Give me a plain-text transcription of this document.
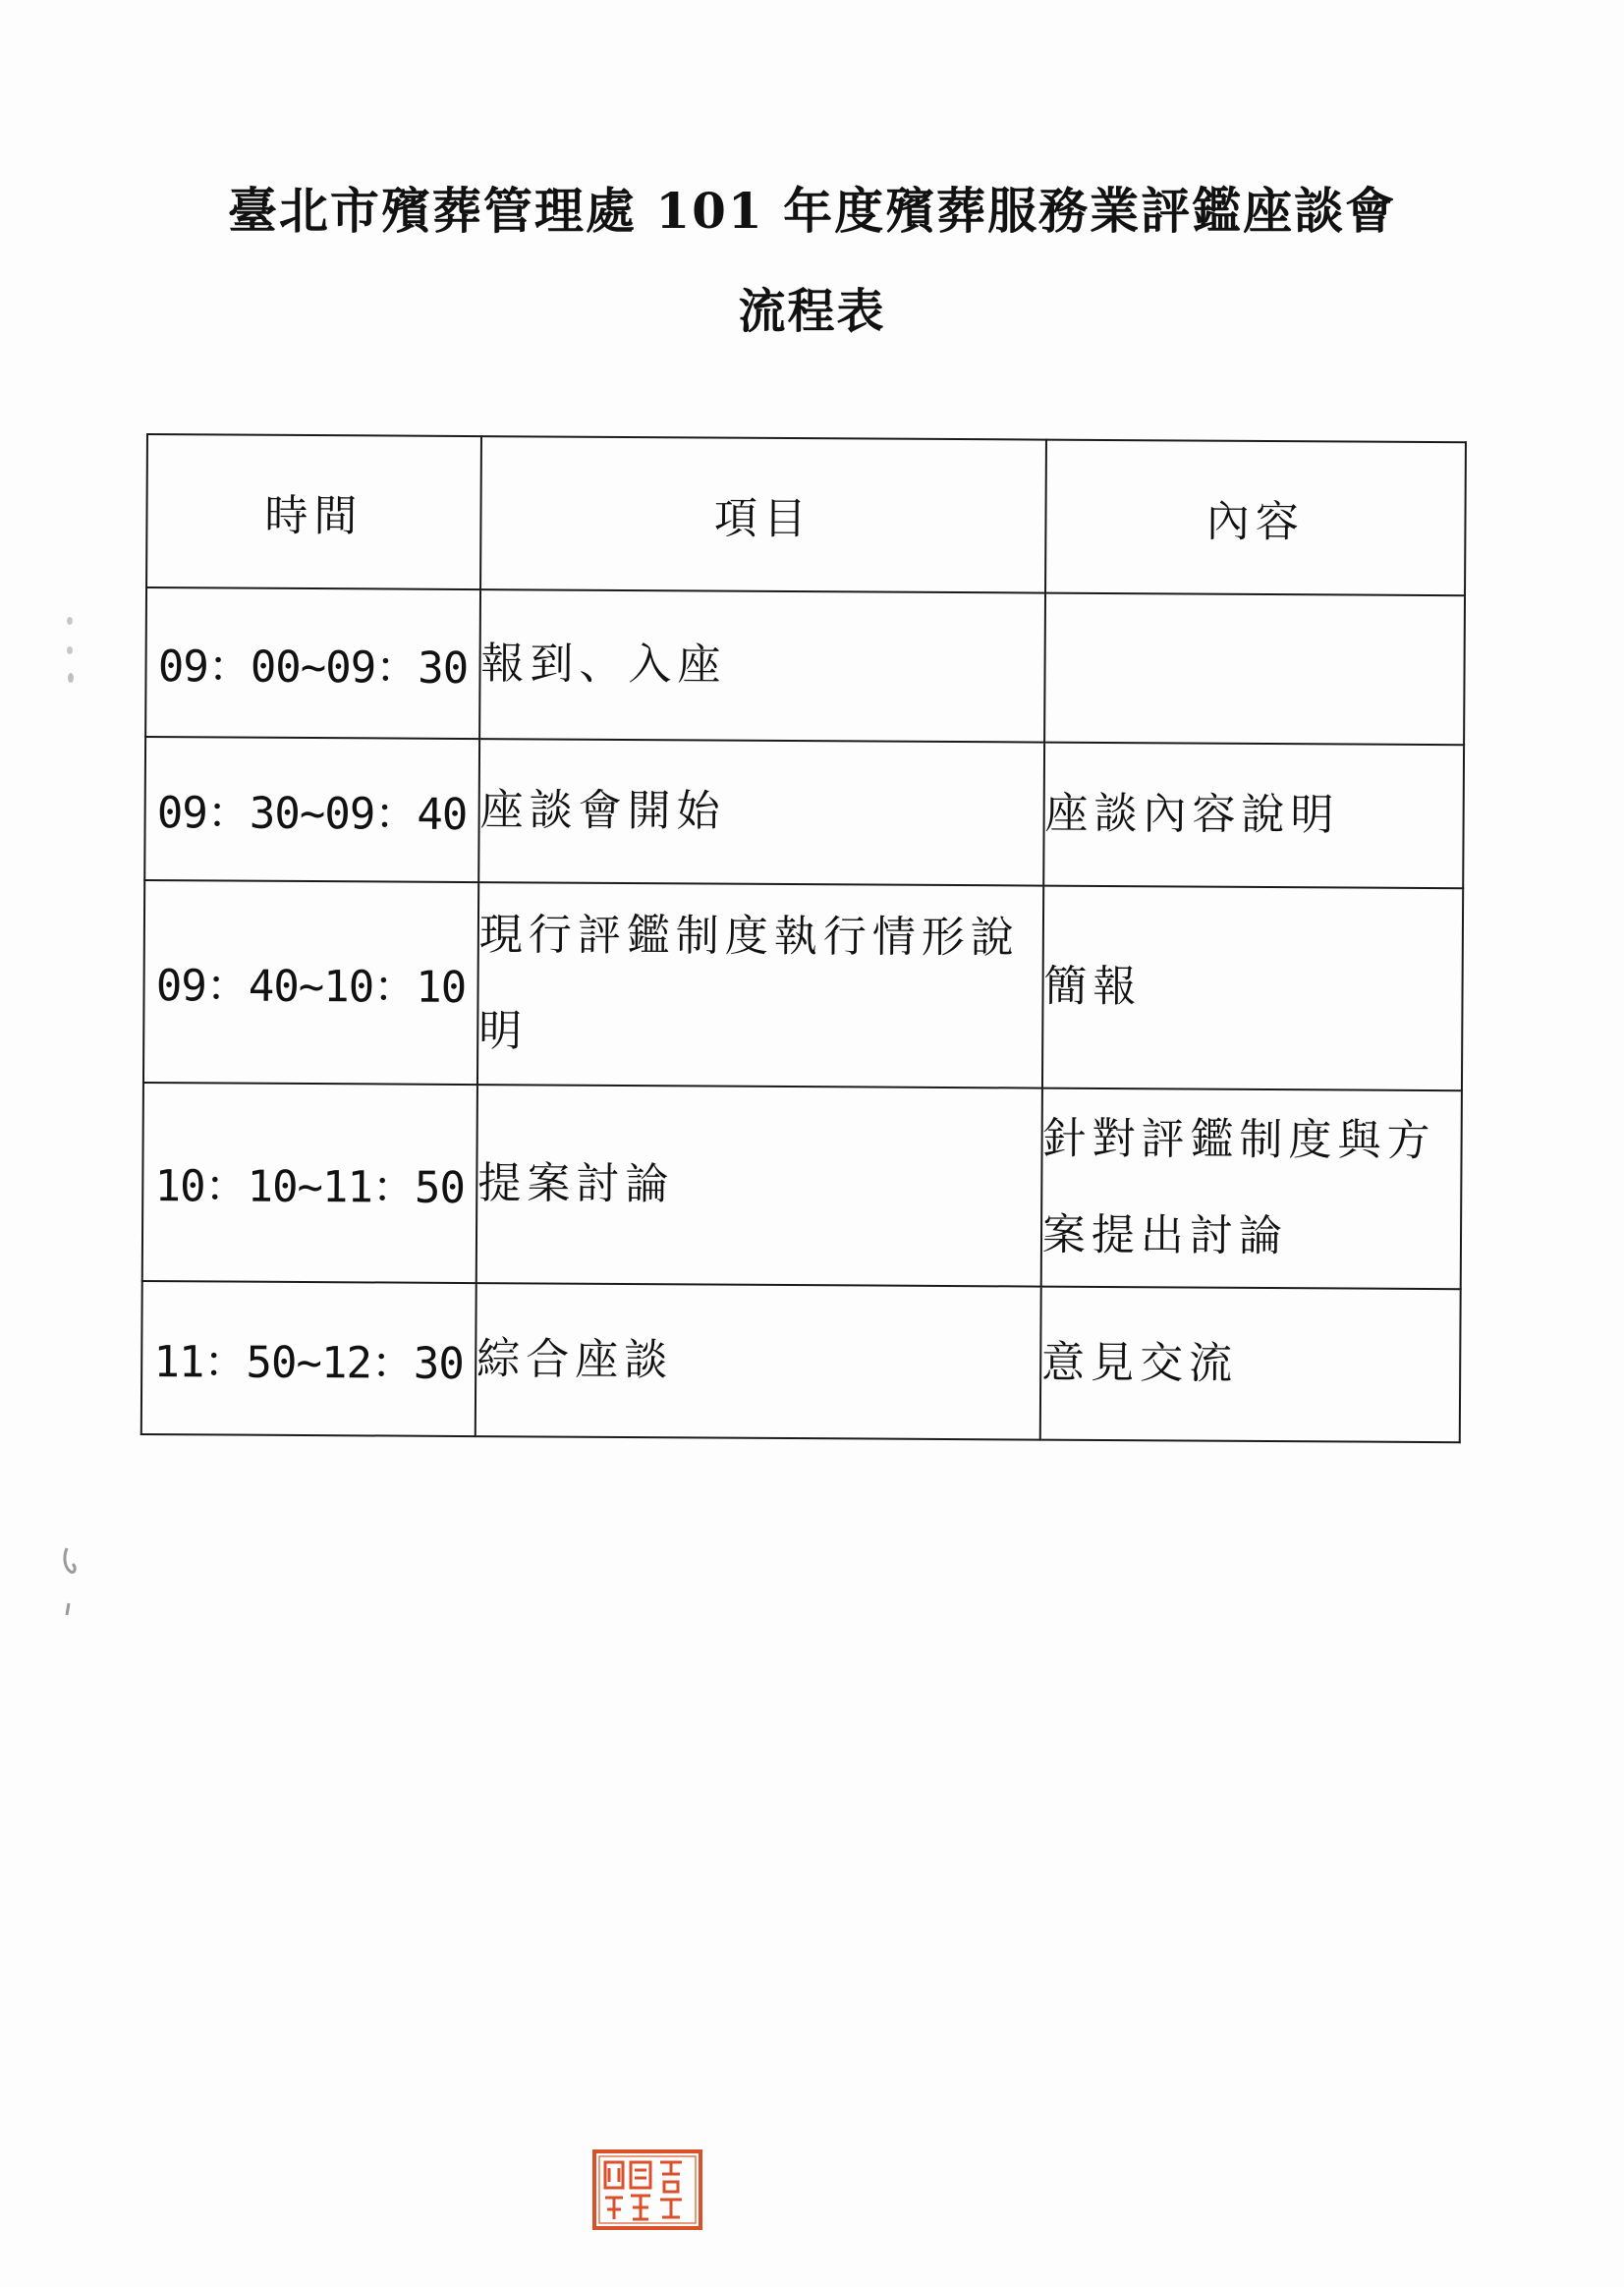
臺北市殯葬管理處 101 年度殯葬服務業評鑑座談會
流程表
時間	項目	內容
09：00~09：30	報到、入座	
09：30~09：40	座談會開始	座談內容說明
09：40~10：10	現行評鑑制度執行情形說明	簡報
10：10~11：50	提案討論	針對評鑑制度與方案提出討論
11：50~12：30	綜合座談	意見交流
